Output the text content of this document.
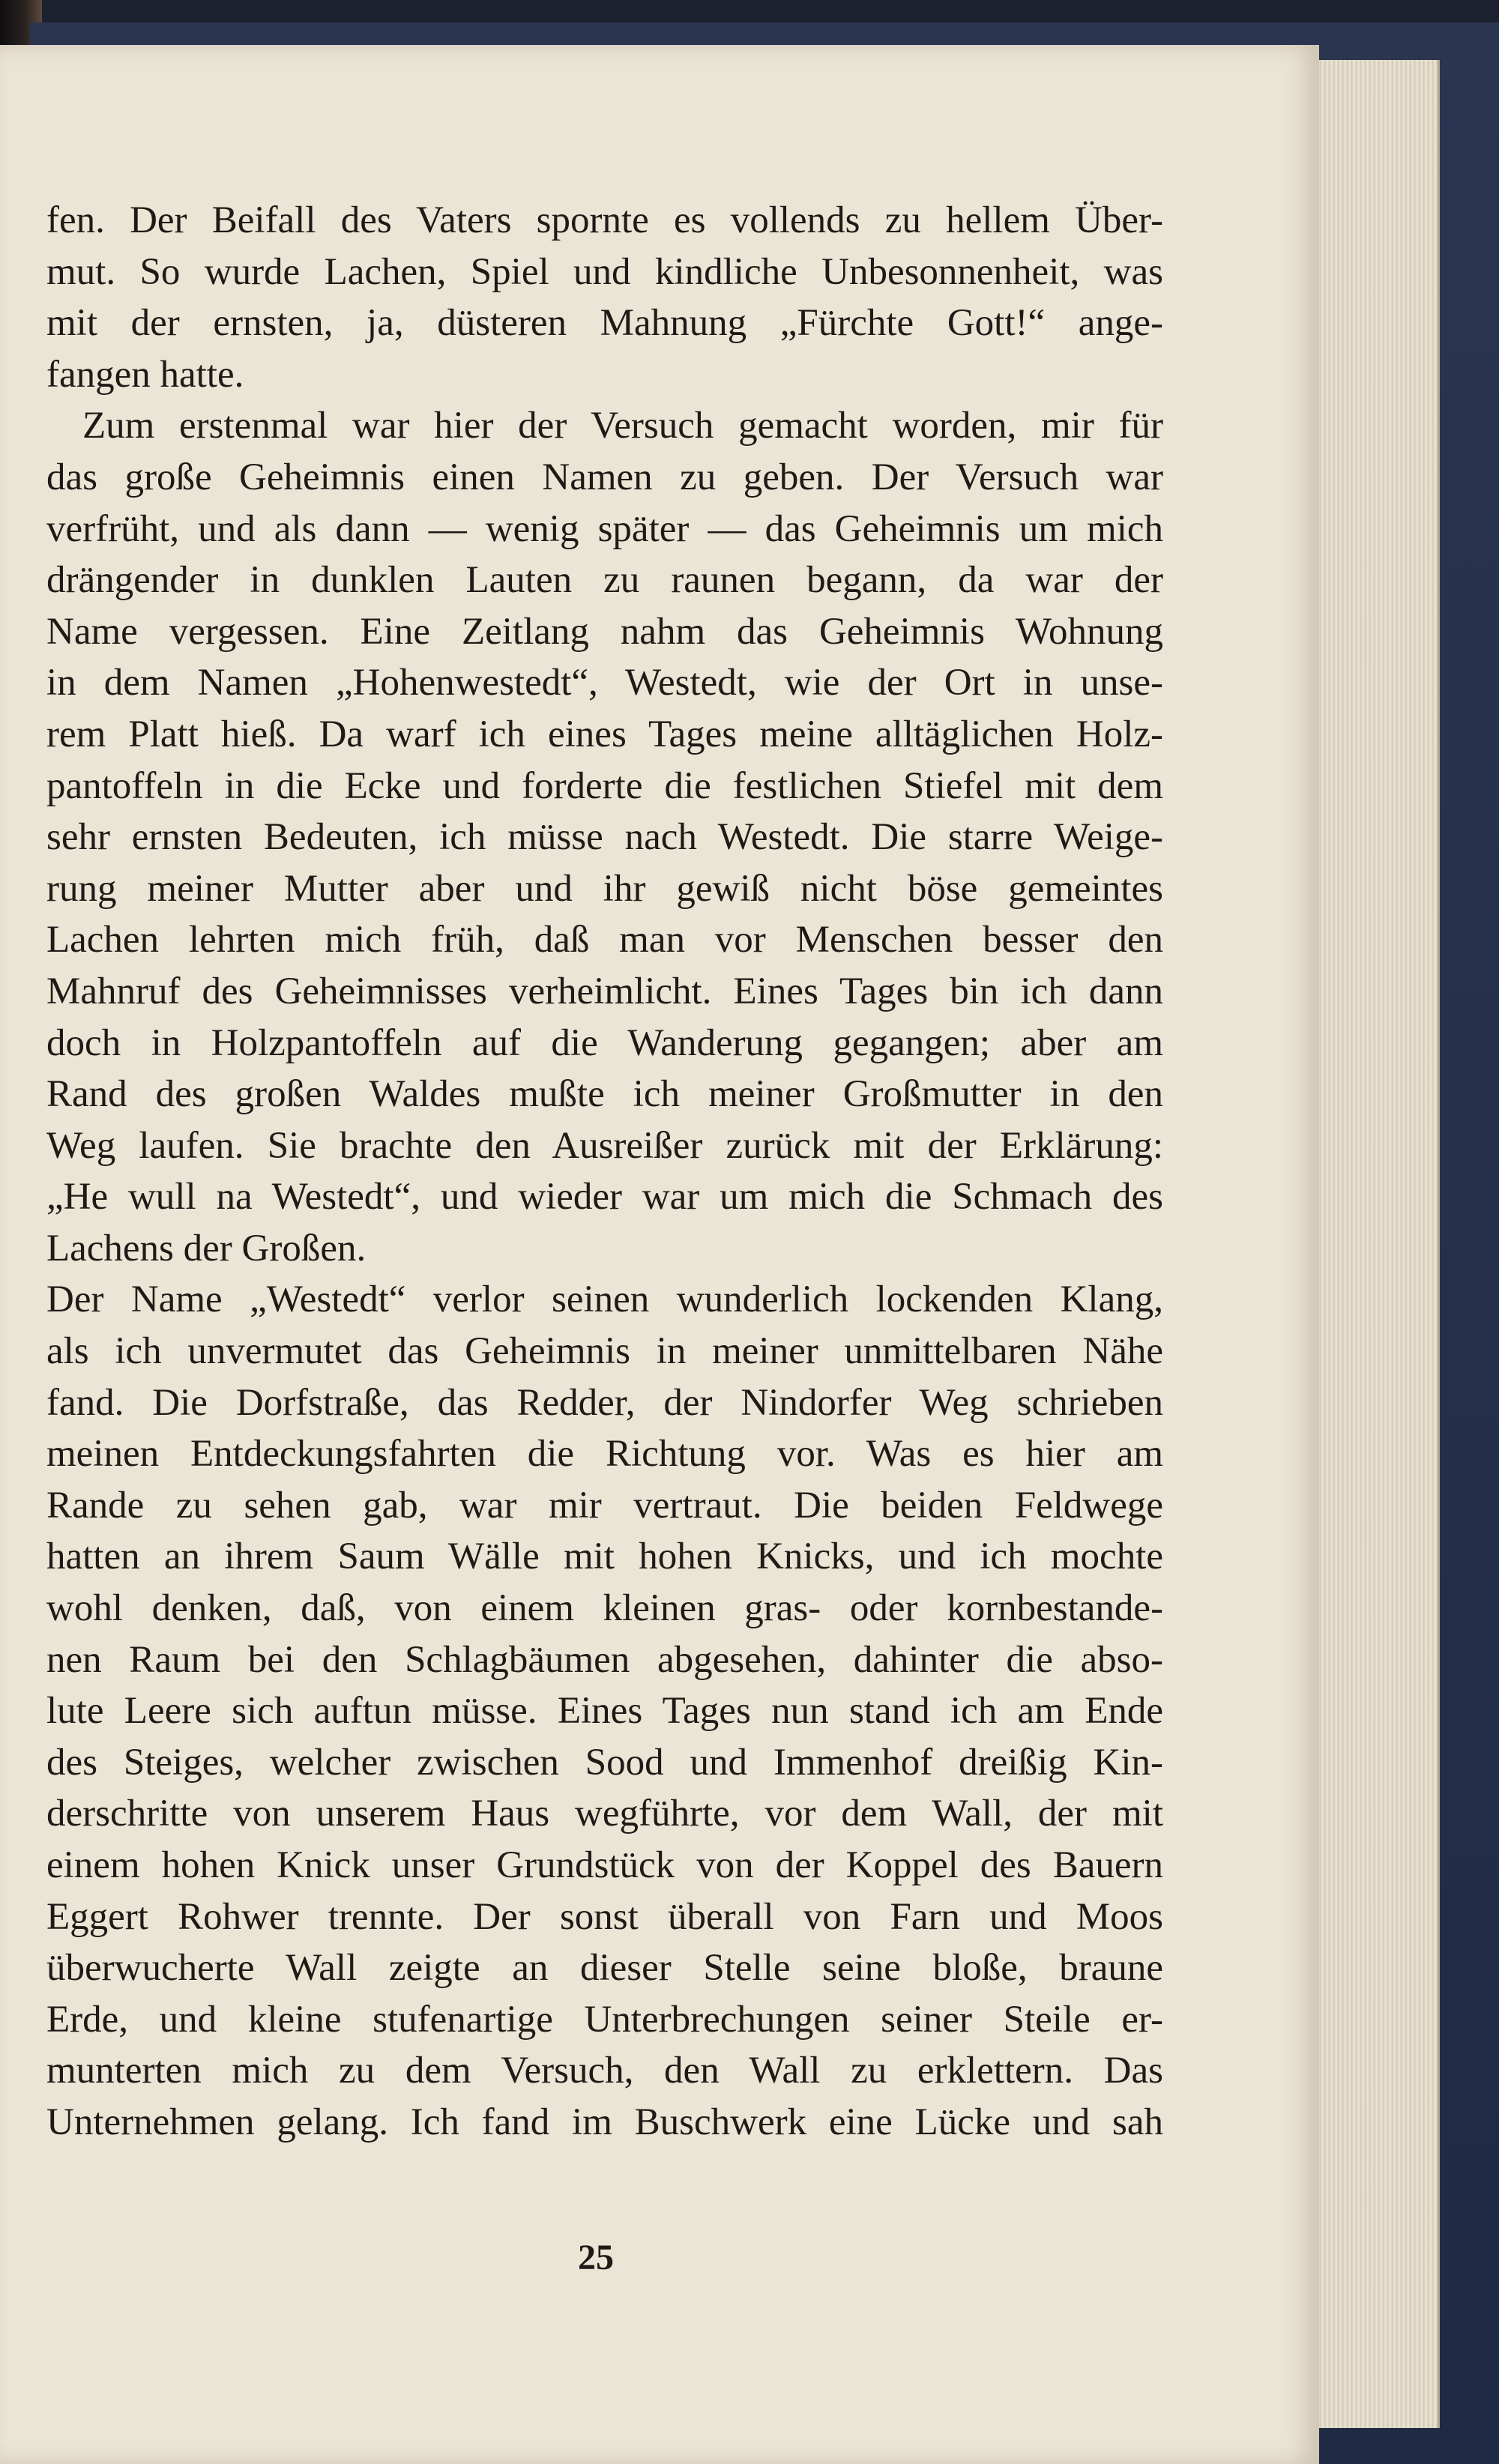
fen. Der Beifall des Vaters spornte es vollends zu hellem Über-
mut. So wurde Lachen, Spiel und kindliche Unbesonnenheit, was
mit der ernsten, ja, düsteren Mahnung „Fürchte Gott!“ ange-
fangen hatte.

Zum erstenmal war hier der Versuch gemacht worden, mir für
das große Geheimnis einen Namen zu geben. Der Versuch war
verfrüht, und als dann — wenig später — das Geheimnis um mich
drängender in dunklen Lauten zu raunen begann, da war der
Name vergessen. Eine Zeitlang nahm das Geheimnis Wohnung
in dem Namen „Hohenwestedt“, Westedt, wie der Ort in unse-
rem Platt hieß. Da warf ich eines Tages meine alltäglichen Holz-
pantoffeln in die Ecke und forderte die festlichen Stiefel mit dem
sehr ernsten Bedeuten, ich müsse nach Westedt. Die starre Weige-
rung meiner Mutter aber und ihr gewiß nicht böse gemeintes
Lachen lehrten mich früh, daß man vor Menschen besser den
Mahnruf des Geheimnisses verheimlicht. Eines Tages bin ich dann
doch in Holzpantoffeln auf die Wanderung gegangen; aber am
Rand des großen Waldes mußte ich meiner Großmutter in den
Weg laufen. Sie brachte den Ausreißer zurück mit der Erklärung:
„He wull na Westedt“, und wieder war um mich die Schmach des
Lachens der Großen.

Der Name „Westedt“ verlor seinen wunderlich lockenden Klang,
als ich unvermutet das Geheimnis in meiner unmittelbaren Nähe
fand. Die Dorfstraße, das Redder, der Nindorfer Weg schrieben
meinen Entdeckungsfahrten die Richtung vor. Was es hier am
Rande zu sehen gab, war mir vertraut. Die beiden Feldwege
hatten an ihrem Saum Wälle mit hohen Knicks, und ich mochte
wohl denken, daß, von einem kleinen gras- oder kornbestande-
nen Raum bei den Schlagbäumen abgesehen, dahinter die abso-
lute Leere sich auftun müsse. Eines Tages nun stand ich am Ende
des Steiges, welcher zwischen Sood und Immenhof dreißig Kin-
derschritte von unserem Haus wegführte, vor dem Wall, der mit
einem hohen Knick unser Grundstück von der Koppel des Bauern
Eggert Rohwer trennte. Der sonst überall von Farn und Moos
überwucherte Wall zeigte an dieser Stelle seine bloße, braune
Erde, und kleine stufenartige Unterbrechungen seiner Steile er-
munterten mich zu dem Versuch, den Wall zu erklettern. Das
Unternehmen gelang. Ich fand im Buschwerk eine Lücke und sah

25
